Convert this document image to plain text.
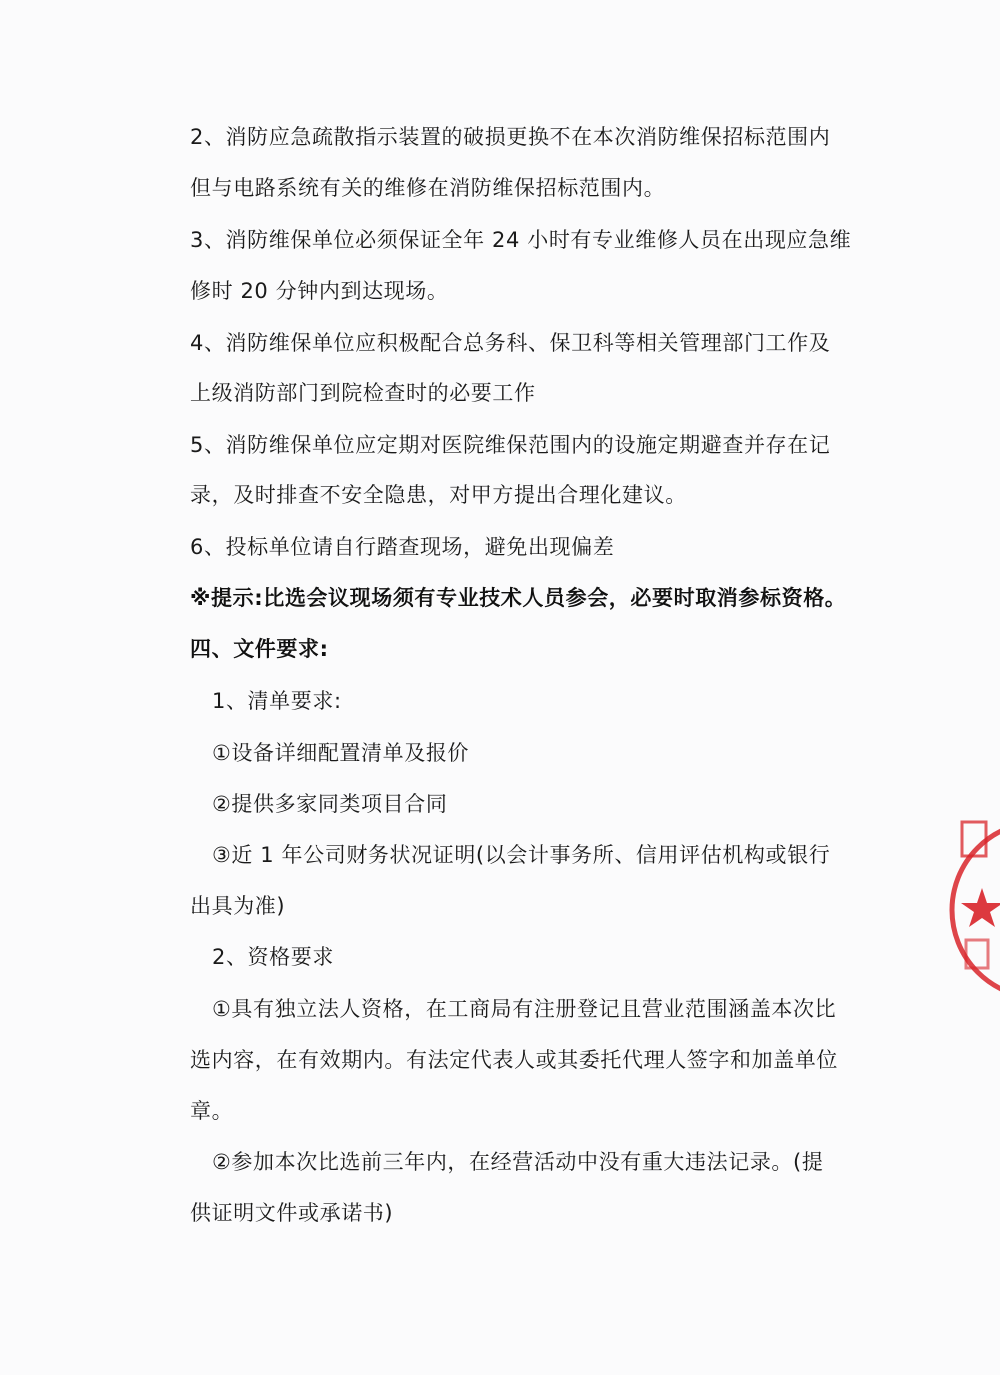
2、消防应急疏散指示装置的破损更换不在本次消防维保招标范围内
但与电路系统有关的维修在消防维保招标范围内。
3、消防维保单位必须保证全年 24 小时有专业维修人员在出现应急维
修时 20 分钟内到达现场。
4、消防维保单位应积极配合总务科、保卫科等相关管理部门工作及
上级消防部门到院检查时的必要工作
5、消防维保单位应定期对医院维保范围内的设施定期避查并存在记
录，及时排查不安全隐患，对甲方提出合理化建议。
6、投标单位请自行踏查现场，避免出现偏差
※提示:比选会议现场须有专业技术人员参会，必要时取消参标资格。
四、文件要求:
1、清单要求:
①设备详细配置清单及报价
②提供多家同类项目合同
③近 1 年公司财务状况证明(以会计事务所、信用评估机构或银行
出具为准)
2、资格要求
①具有独立法人资格，在工商局有注册登记且营业范围涵盖本次比
选内容，在有效期内。有法定代表人或其委托代理人签字和加盖单位
章。
②参加本次比选前三年内，在经营活动中没有重大违法记录。(提
供证明文件或承诺书)
